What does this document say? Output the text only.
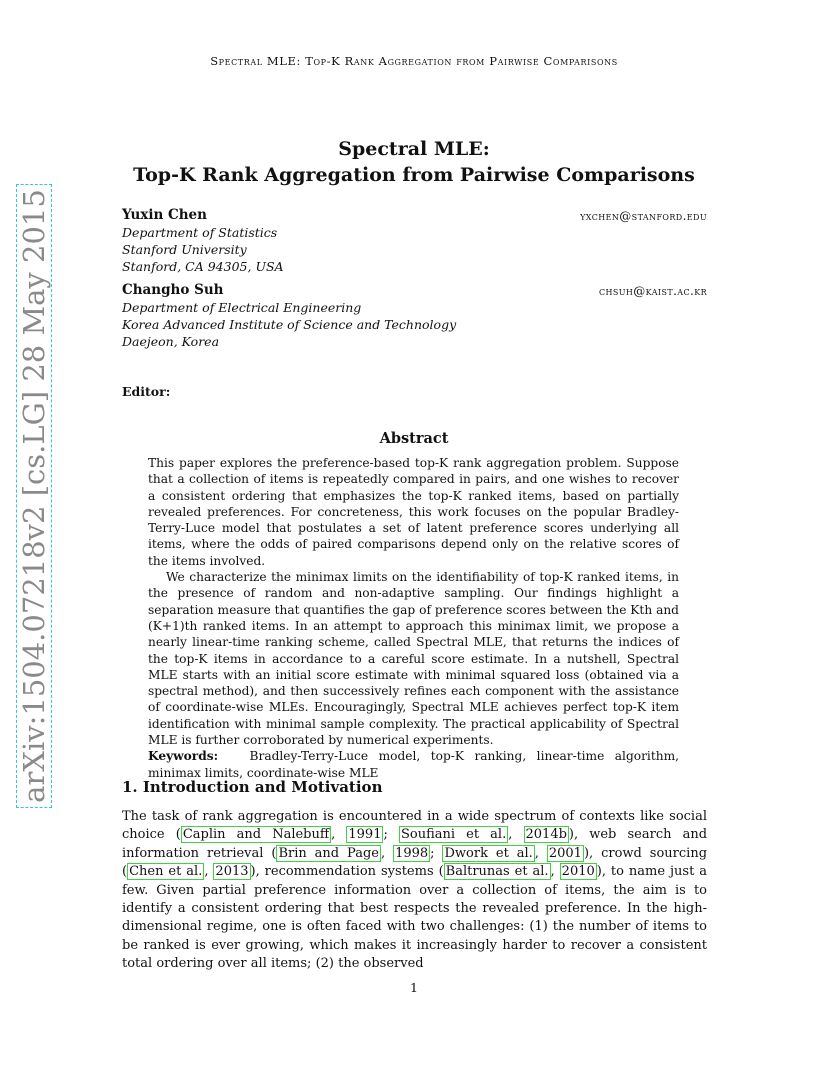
Spectral MLE: Top-K Rank Aggregation from Pairwise Comparisons
arXiv:1504.07218v2 [cs.LG] 28 May 2015
Spectral MLE:
Top-K Rank Aggregation from Pairwise Comparisons
Yuxin Chen	yxchen@stanford.edu
Department of Statistics
Stanford University
Stanford, CA 94305, USA
Changho Suh	chsuh@kaist.ac.kr
Department of Electrical Engineering
Korea Advanced Institute of Science and Technology
Daejeon, Korea
Editor:
Abstract

This paper explores the preference-based top-K rank aggregation problem. Suppose that a collection of items is repeatedly compared in pairs, and one wishes to recover a consistent ordering that emphasizes the top-K ranked items, based on partially revealed preferences. For concreteness, this work focuses on the popular Bradley-Terry-Luce model that postulates a set of latent preference scores underlying all items, where the odds of paired comparisons depend only on the relative scores of the items involved.

We characterize the minimax limits on the identifiability of top-K ranked items, in the presence of random and non-adaptive sampling. Our findings highlight a separation measure that quantifies the gap of preference scores between the Kth and (K+1)th ranked items. In an attempt to approach this minimax limit, we propose a nearly linear-time ranking scheme, called Spectral MLE, that returns the indices of the top-K items in accordance to a careful score estimate. In a nutshell, Spectral MLE starts with an initial score estimate with minimal squared loss (obtained via a spectral method), and then successively refines each component with the assistance of coordinate-wise MLEs. Encouragingly, Spectral MLE achieves perfect top-K item identification with minimal sample complexity. The practical applicability of Spectral MLE is further corroborated by numerical experiments.

Keywords:	Bradley-Terry-Luce model, top-K ranking, linear-time algorithm, minimax limits, coordinate-wise MLE

1. Introduction and Motivation
The task of rank aggregation is encountered in a wide spectrum of contexts like social choice ( Caplin and Nalebuff , 1991 ; Soufiani et al. , 2014b ), web search and information retrieval ( Brin and Page , 1998 ; Dwork et al. , 2001 ), crowd sourcing ( Chen et al. , 2013 ), recommendation systems ( Baltrunas et al. , 2010 ), to name just a few. Given partial preference information over a collection of items, the aim is to identify a consistent ordering that best respects the revealed preference. In the high-dimensional regime, one is often faced with two challenges: (1) the number of items to be ranked is ever growing, which makes it increasingly harder to recover a consistent total ordering over all items; (2) the observed
1
